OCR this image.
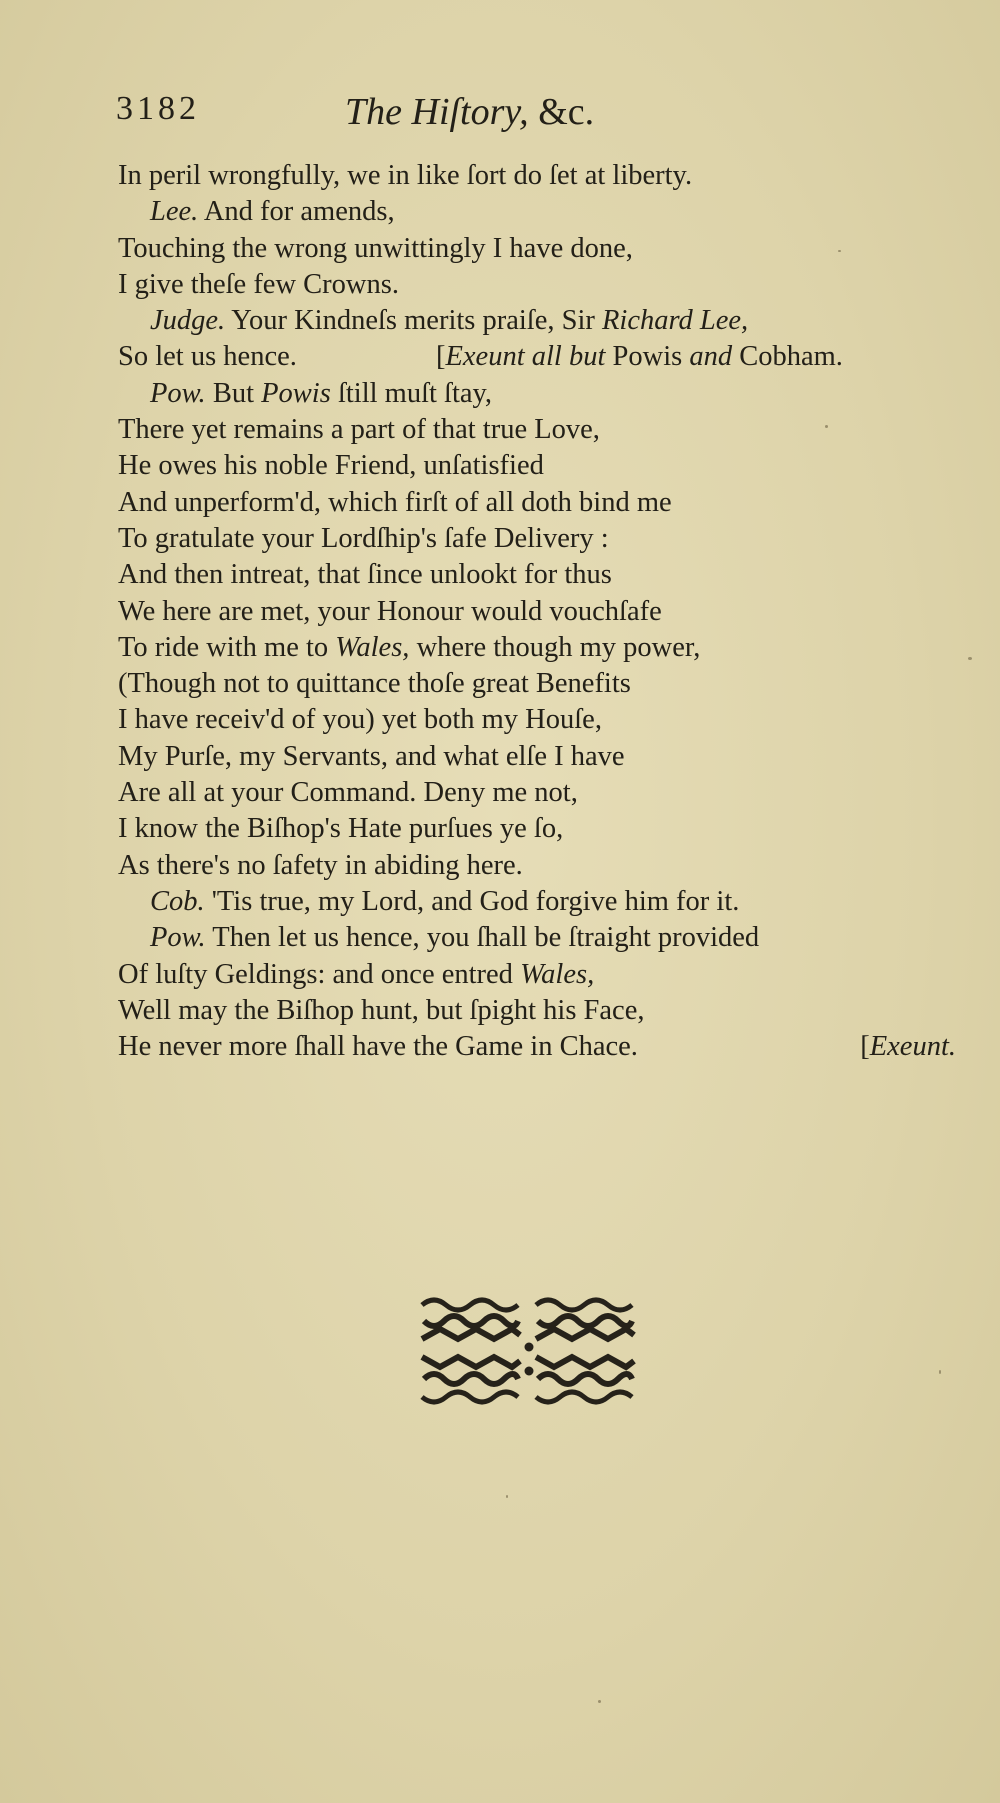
3182	The Hiſtory, &c.
In peril wrongfully, we in like ſort do ſet at liberty.
Lee. And for amends,
Touching the wrong unwittingly I have done,
I give theſe few Crowns.
Judge. Your Kindneſs merits praiſe, Sir Richard Lee,
So let us hence.	[Exeunt all but Powis and Cobham.
Pow. But Powis ſtill muſt ſtay,
There yet remains a part of that true Love,
He owes his noble Friend, unſatisfied
And unperform'd, which firſt of all doth bind me
To gratulate your Lordſhip's ſafe Delivery :
And then intreat, that ſince unlookt for thus
We here are met, your Honour would vouchſafe
To ride with me to Wales, where though my power,
(Though not to quittance thoſe great Benefits
I have receiv'd of you) yet both my Houſe,
My Purſe, my Servants, and what elſe I have
Are all at your Command. Deny me not,
I know the Biſhop's Hate purſues ye ſo,
As there's no ſafety in abiding here.
Cob. 'Tis true, my Lord, and God forgive him for it.
Pow. Then let us hence, you ſhall be ſtraight provided
Of luſty Geldings: and once entred Wales,
Well may the Biſhop hunt, but ſpight his Face,
He never more ſhall have the Game in Chace.	[Exeunt.
